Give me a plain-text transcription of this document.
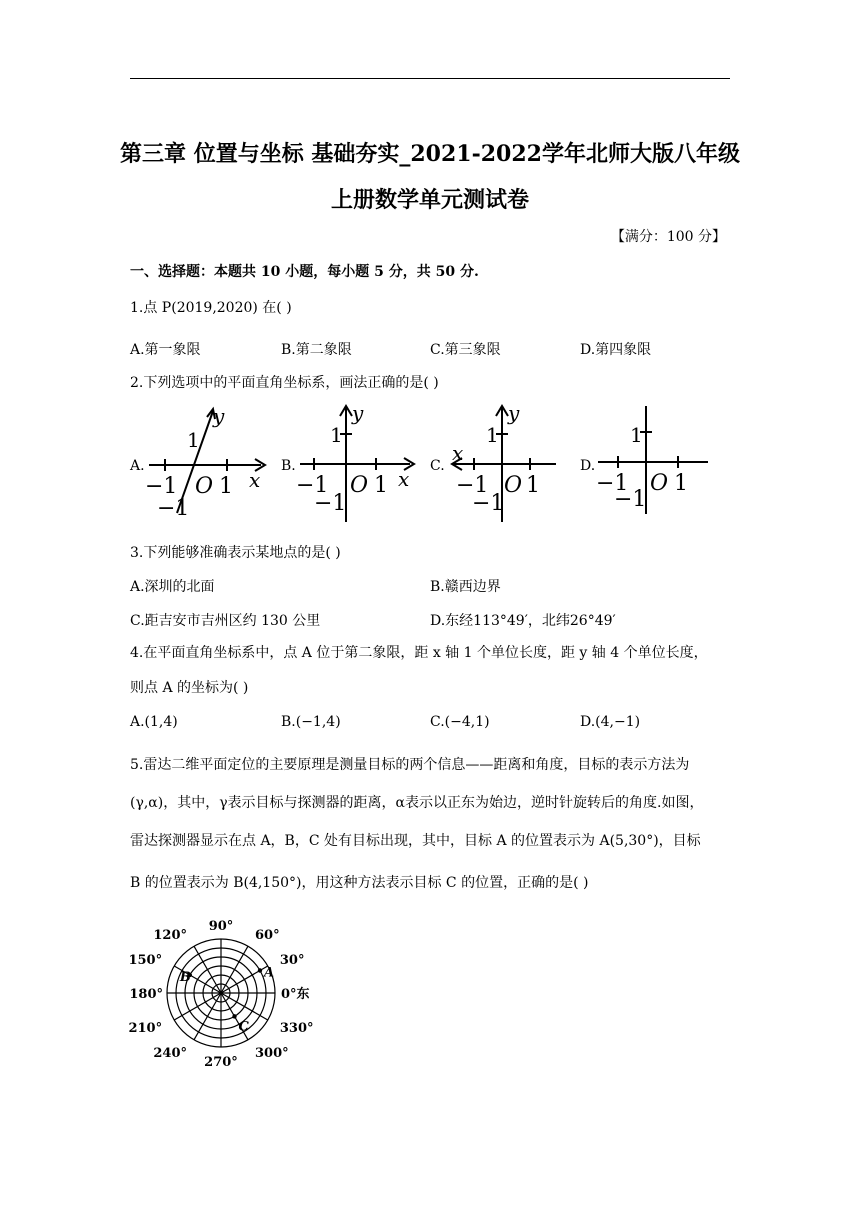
第三章 位置与坐标 基础夯实_2021-2022学年北师大版八年级
上册数学单元测试卷
【满分：100 分】
一、选择题：本题共 10 小题，每小题 5 分，共 50 分.
1.点 P(2019,2020) 在( )
A.第一象限	B.第二象限	C.第三象限	D.第四象限
2.下列选项中的平面直角坐标系，画法正确的是( )
A.	B.	C.	D.
y
1
−1
−1
O 1 x
y
1
−1
−1
O 1 x
y
1
x
−1
−1
O 1
1
−1
−1
O 1
3.下列能够准确表示某地点的是( )
A.深圳的北面	B.赣西边界
C.距吉安市吉州区约 130 公里	D.东经113°49′，北纬26°49′
4.在平面直角坐标系中，点 A 位于第二象限，距 x 轴 1 个单位长度，距 y 轴 4 个单位长度，
则点 A 的坐标为( )
A.(1,4)	B.(−1,4)	C.(−4,1)	D.(4,−1)
5.雷达二维平面定位的主要原理是测量目标的两个信息——距离和角度，目标的表示方法为
(γ,α)，其中，γ表示目标与探测器的距离，α表示以正东为始边，逆时针旋转后的角度.如图，
雷达探测器显示在点 A，B，C 处有目标出现，其中，目标 A 的位置表示为 A(5,30°)，目标
B 的位置表示为 B(4,150°)，用这种方法表示目标 C 的位置，正确的是( )
90°
60°
30°
0°东
330°
300°
270°
240°
210°
180°
150°
120°
A
B
C
